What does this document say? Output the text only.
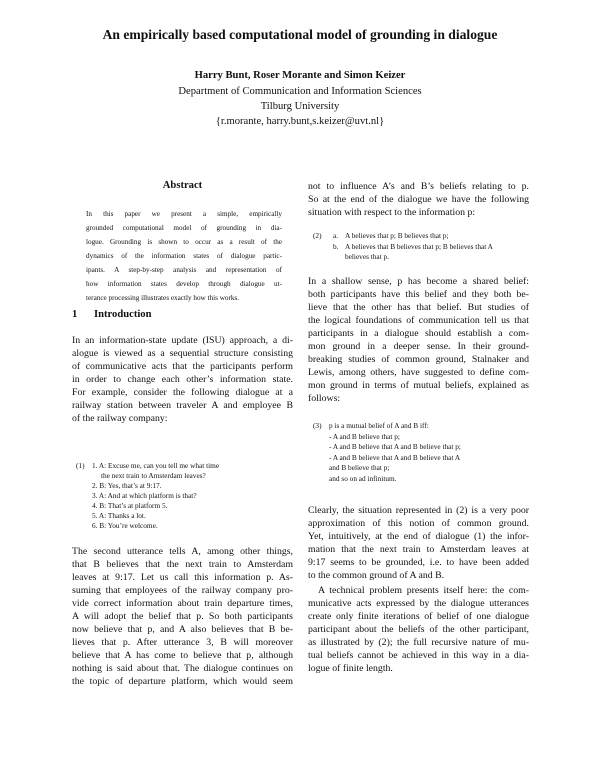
An empirically based computational model of grounding in dialogue
Harry Bunt, Roser Morante and Simon Keizer
Department of Communication and Information Sciences
Tilburg University
{r.morante, harry.bunt,s.keizer@uvt.nl}
Abstract
In this paper we present a simple, empirically
grounded computational model of grounding in dia-
logue. Grounding is shown to occur as a result of the
dynamics of the information states of dialogue partic-
ipants. A step-by-step analysis and representation of
how information states develop through dialogue ut-
terance processing illustrates exactly how this works.
1 Introduction
In an information-state update (ISU) approach, a di-
alogue is viewed as a sequential structure consisting
of communicative acts that the participants perform
in order to change each other’s information state.
For example, consider the following dialogue at a
railway station between traveler A and employee B
of the railway company:
(1) 1. A: Excuse me, can you tell me what time
the next train to Amsterdam leaves?
2. B: Yes, that’s at 9:17.
3. A: And at which platform is that?
4. B: That’s at platform 5.
5. A: Thanks a lot.
6. B: You’re welcome.
The second utterance tells A, among other things,
that B believes that the next train to Amsterdam
leaves at 9:17. Let us call this information p. As-
suming that employees of the railway company pro-
vide correct information about train departure times,
A will adopt the belief that p. So both participants
now believe that p, and A also believes that B be-
lieves that p. After utterance 3, B will moreover
believe that A has come to believe that p, although
nothing is said about that. The dialogue continues on
the topic of departure platform, which would seem
not to influence A’s and B’s beliefs relating to p.
So at the end of the dialogue we have the following
situation with respect to the information p:
(2) a. A believes that p; B believes that p;
b. A believes that B believes that p; B believes that A
believes that p.
In a shallow sense, p has become a shared belief:
both participants have this belief and they both be-
lieve that the other has that belief. But studies of
the logical foundations of communication tell us that
participants in a dialogue should establish a com-
mon ground in a deeper sense. In their ground-
breaking studies of common ground, Stalnaker and
Lewis, among others, have suggested to define com-
mon ground in terms of mutual beliefs, explained as
follows:
(3) p is a mutual belief of A and B iff:
- A and B believe that p;
- A and B believe that A and B believe that p;
- A and B believe that A and B believe that A
and B believe that p;
and so on ad infinitum.
Clearly, the situation represented in (2) is a very poor
approximation of this notion of common ground.
Yet, intuitively, at the end of dialogue (1) the infor-
mation that the next train to Amsterdam leaves at
9:17 seems to be grounded, i.e. to have been added
to the common ground of A and B.
A technical problem presents itself here: the com-
municative acts expressed by the dialogue utterances
create only finite iterations of belief of one dialogue
participant about the beliefs of the other participant,
as illustrated by (2); the full recursive nature of mu-
tual beliefs cannot be achieved in this way in a dia-
logue of finite length.
